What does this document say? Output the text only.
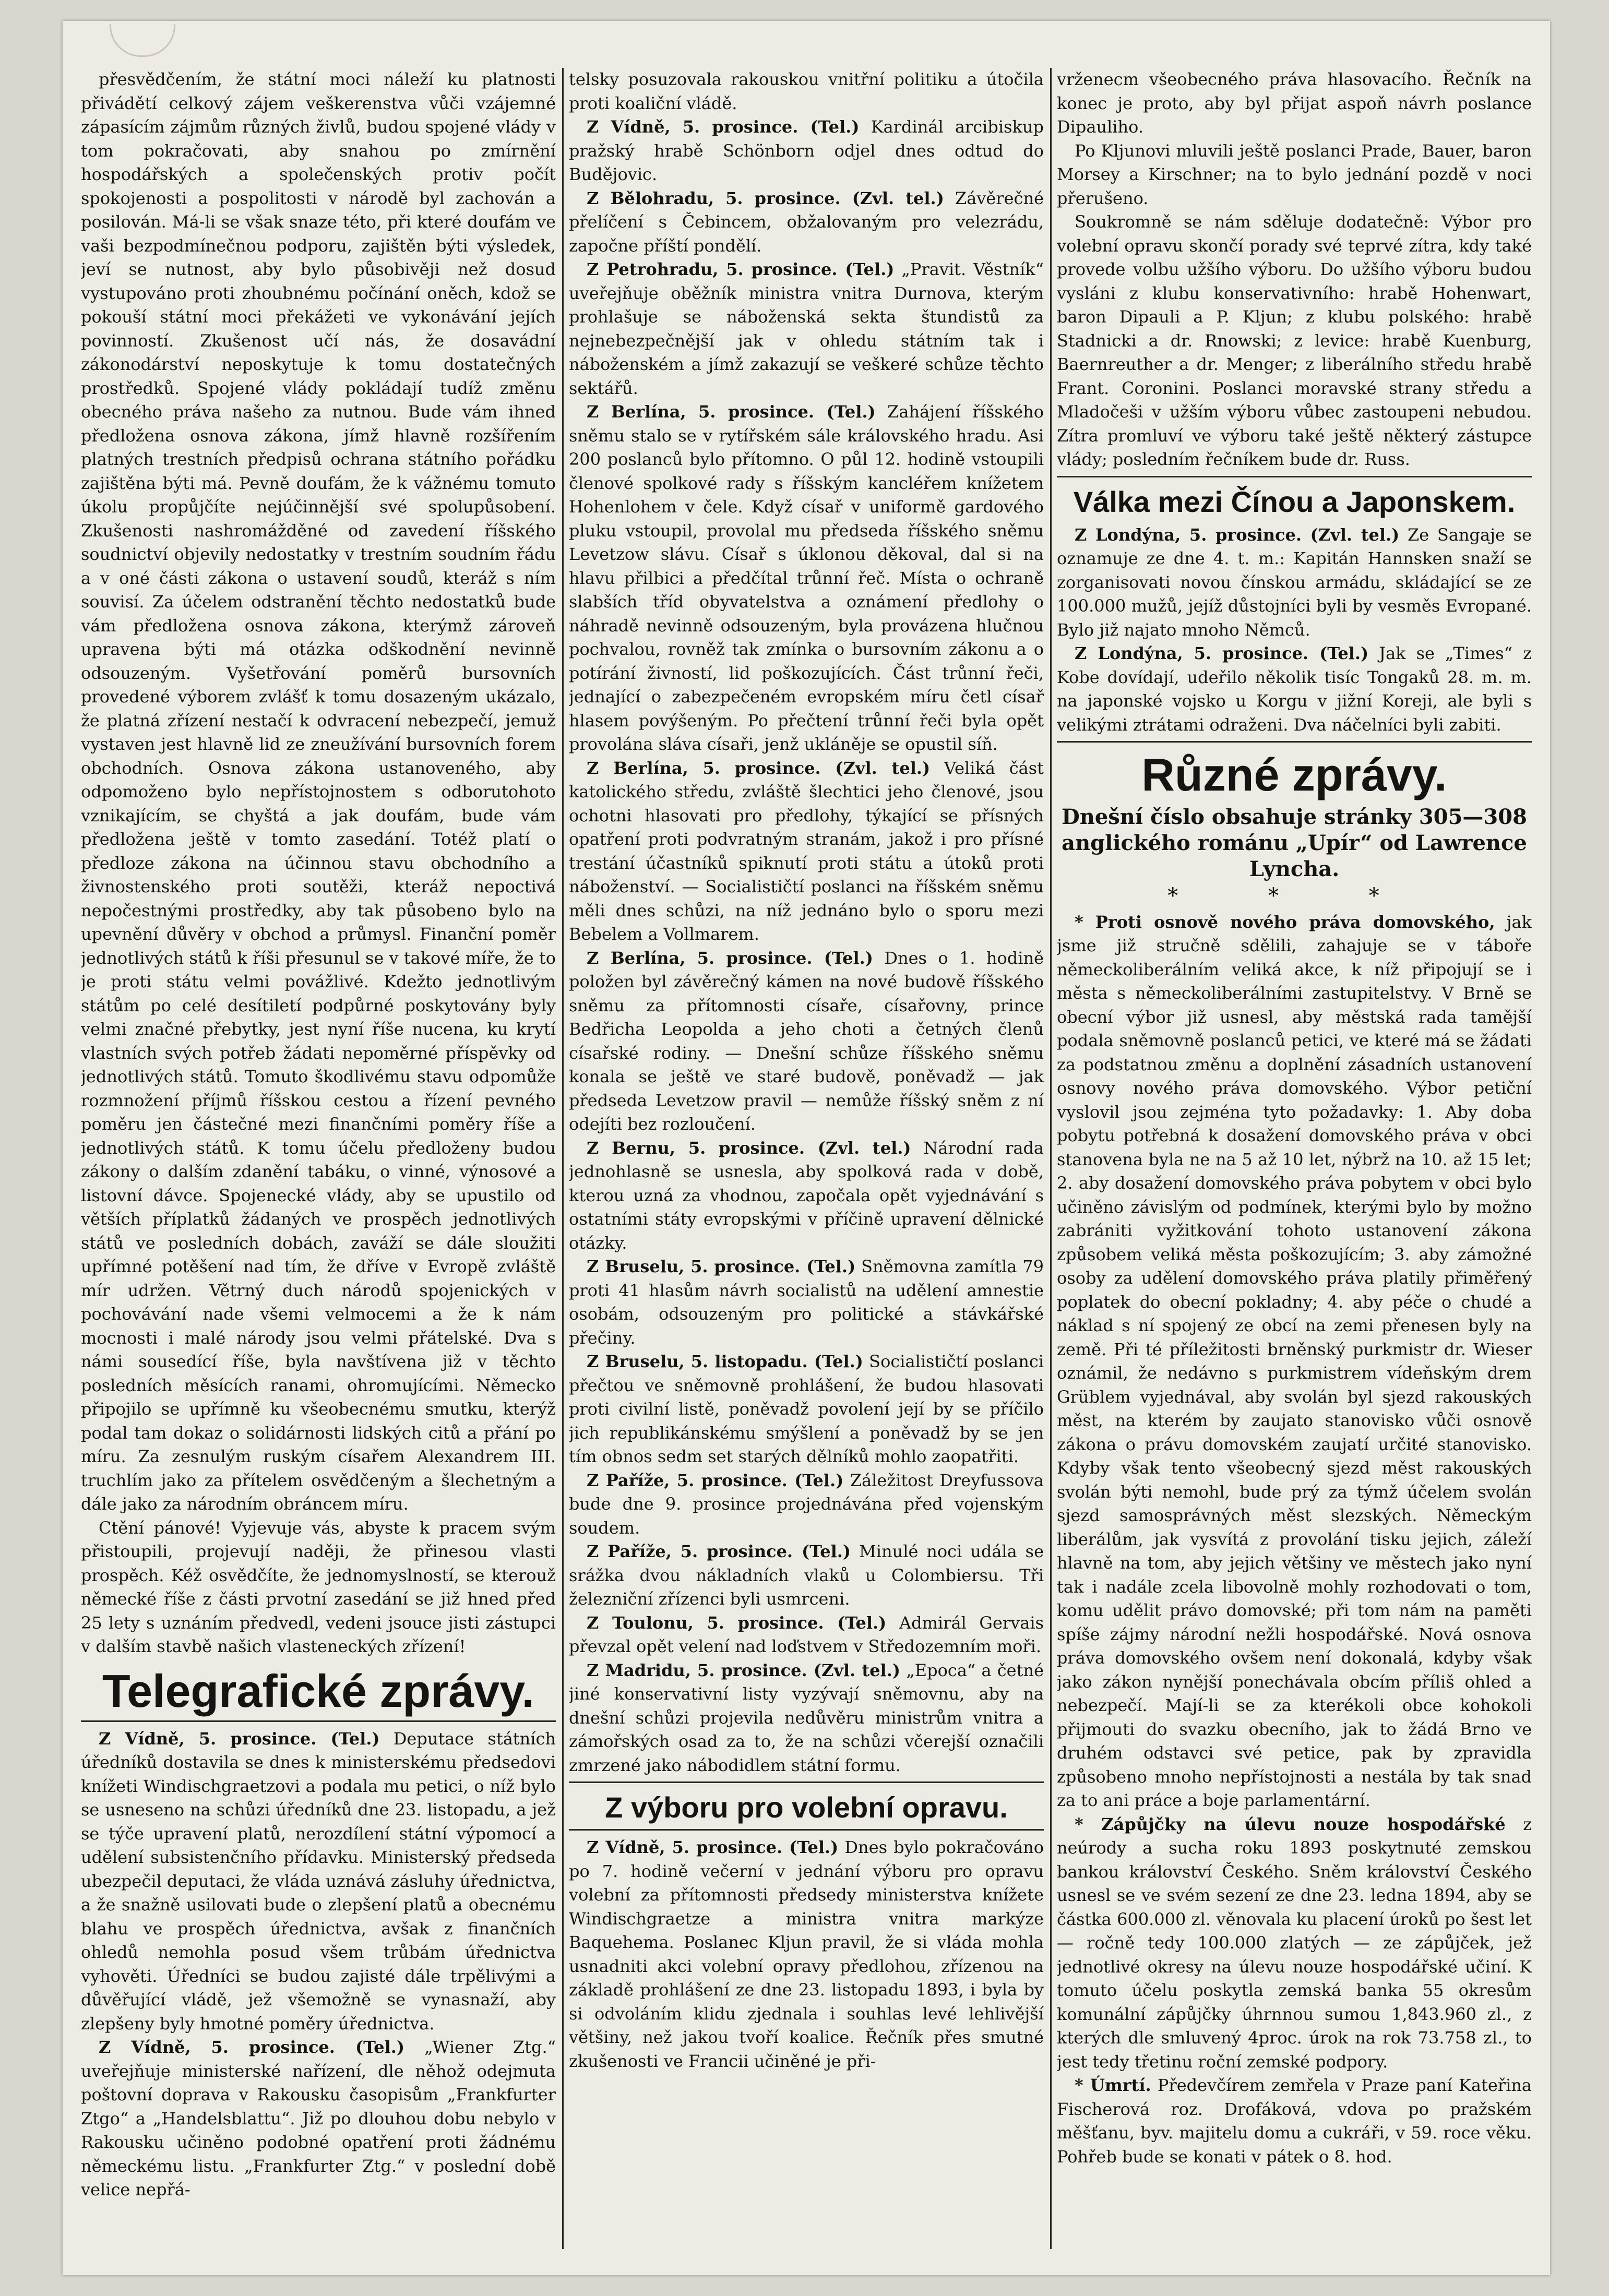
přesvědčením, že státní moci náleží ku platnosti přivádětí celkový zájem veškerenstva vůči vzájemné zápasícím zájmům různých živlů, budou spojené vlády v tom pokračovati, aby snahou po zmírnění hospodářských a společenských protiv počít spokojenosti a pospolitosti v národě byl zachován a posilován. Má-li se však snaze této, při které doufám ve vaši bezpodmínečnou podporu, zajištěn býti výsledek, jeví se nutnost, aby bylo působivěji než dosud vystupováno proti zhoubnému počínání oněch, kdož se pokouší státní moci překážeti ve vykonávání jejích povinností. Zkušenost učí nás, že dosavádní zákonodárství neposkytuje k tomu dostatečných prostředků. Spojené vlády pokládají tudíž změnu obecného práva našeho za nutnou. Bude vám ihned předložena osnova zákona, jímž hlavně rozšířením platných trestních předpisů ochrana státního pořádku zajištěna býti má. Pevně doufám, že k vážnému tomuto úkolu propůjčíte nejúčinnější své spolupůsobení. Zkušenosti nashromážděné od zavedení říšského soudnictví objevily nedostatky v trestním soudním řádu a v oné části zákona o ustavení soudů, kteráž s ním souvisí. Za účelem odstranění těchto nedostatků bude vám předložena osnova zákona, kterýmž zároveň upravena býti má otázka odškodnění nevinně odsouzeným. Vyšetřování poměrů bursovních provedené výborem zvlášť k tomu dosazeným ukázalo, že platná zřízení nestačí k odvracení nebezpečí, jemuž vystaven jest hlavně lid ze zneužívání bursovních forem obchodních. Osnova zákona ustanoveného, aby odpomoženo bylo nepřístojnostem s odborutohoto vznikajícím, se chyštá a jak doufám, bude vám předložena ještě v tomto zasedání. Totéž platí o předloze zákona na účinnou stavu obchodního a živnostenského proti soutěži, kteráž nepoctivá nepočestnými prostředky, aby tak působeno bylo na upevnění důvěry v obchod a průmysl. Finanční poměr jednotlivých států k říši přesunul se v takové míře, že to je proti státu velmi povážlivé. Kdežto jednotlivým státům po celé desítiletí podpůrné poskytovány byly velmi značné přebytky, jest nyní říše nucena, ku krytí vlastních svých potřeb žádati nepoměrné příspěvky od jednotlivých států. Tomuto škodlivému stavu odpomůže rozmnožení příjmů říšskou cestou a řízení pevného poměru jen částečné mezi finančními poměry říše a jednotlivých států. K tomu účelu předloženy budou zákony o dalším zdanění tabáku, o vinné, výnosové a listovní dávce. Spojenecké vlády, aby se upustilo od větších příplatků žádaných ve prospěch jednotlivých států ve posledních dobách, zaváží se dále sloužiti upřímné potěšení nad tím, že dříve v Evropě zvláště mír udržen. Větrný duch národů spojenických v pochovávání nade všemi velmocemi a že k nám mocnosti i malé národy jsou velmi přátelské. Dva s námi sousedící říše, byla navštívena již v těchto posledních měsících ranami, ohromujícími. Německo připojilo se upřímně ku všeobecnému smutku, kterýž podal tam dokaz o solidárnosti lidských citů a přání po míru. Za zesnulým ruským císařem Alexandrem III. truchlím jako za přítelem osvědčeným a šlechetným a dále jako za národním obráncem míru.

Ctění pánové! Vyjevuje vás, abyste k pracem svým přistoupili, projevují naději, že přinesou vlasti prospěch. Kéž osvědčíte, že jednomyslností, se kterouž německé říše z části prvotní zasedání se již hned před 25 lety s uznáním předvedl, vedeni jsouce jisti zástupci v dalším stavbě našich vlasteneckých zřízení!

Telegrafické zprávy.

Z Vídně, 5. prosince. (Tel.) Deputace státních úředníků dostavila se dnes k ministerskému předsedovi knížeti Windischgraetzovi a podala mu petici, o níž bylo se usneseno na schůzi úředníků dne 23. listopadu, a jež se týče upravení platů, nerozdílení státní výpomocí a udělení subsistenčního přídavku. Ministerský předseda ubezpečil deputaci, že vláda uznává zásluhy úřednictva, a že snažně usilovati bude o zlepšení platů a obecnému blahu ve prospěch úřednictva, avšak z finančních ohledů nemohla posud všem trůbám úřednictva vyhověti. Úředníci se budou zajisté dále trpělivými a důvěřující vládě, jež všemožně se vynasnaží, aby zlepšeny byly hmotné poměry úřednictva.

Z Vídně, 5. prosince. (Tel.) „Wiener Ztg.“ uveřejňuje ministerské nařízení, dle něhož odejmuta poštovní doprava v Rakousku časopisům „Frankfurter Ztgo“ a „Handelsblattu“. Již po dlouhou dobu nebylo v Rakousku učiněno podobné opatření proti žádnému německému listu. „Frankfurter Ztg.“ v poslední době velice nepřá-

telsky posuzovala rakouskou vnitřní politiku a útočila proti koaliční vládě.

Z Vídně, 5. prosince. (Tel.) Kardinál arcibiskup pražský hrabě Schönborn odjel dnes odtud do Budějovic.

Z Bělohradu, 5. prosince. (Zvl. tel.) Závěrečné přelíčení s Čebincem, obžalovaným pro velezrádu, započne příští pondělí.

Z Petrohradu, 5. prosince. (Tel.) „Pravit. Věstník“ uveřejňuje oběžník ministra vnitra Durnova, kterým prohlašuje se náboženská sekta štundistů za nejnebezpečnější jak v ohledu státním tak i náboženském a jímž zakazují se veškeré schůze těchto sektářů.

Z Berlína, 5. prosince. (Tel.) Zahájení říšského sněmu stalo se v rytířském sále královského hradu. Asi 200 poslanců bylo přítomno. O půl 12. hodině vstoupili členové spolkové rady s říšským kancléřem knížetem Hohenlohem v čele. Když císař v uniformě gardového pluku vstoupil, provolal mu předseda říšského sněmu Levetzow slávu. Císař s úklonou děkoval, dal si na hlavu přilbici a předčítal trůnní řeč. Místa o ochraně slabších tříd obyvatelstva a oznámení předlohy o náhradě nevinně odsouzeným, byla provázena hlučnou pochvalou, rovněž tak zmínka o bursovním zákonu a o potírání živností, lid poškozujících. Část trůnní řeči, jednající o zabezpečeném evropském míru četl císař hlasem povýšeným. Po přečtení trůnní řeči byla opět provolána sláva císaři, jenž ukláněje se opustil síň.

Z Berlína, 5. prosince. (Zvl. tel.) Veliká část katolického středu, zvláště šlechtici jeho členové, jsou ochotni hlasovati pro předlohy, týkající se přísných opatření proti podvratným stranám, jakož i pro přísné trestání účastníků spiknutí proti státu a útoků proti náboženství. — Socialističtí poslanci na říšském sněmu měli dnes schůzi, na níž jednáno bylo o sporu mezi Bebelem a Vollmarem.

Z Berlína, 5. prosince. (Tel.) Dnes o 1. hodině položen byl závěrečný kámen na nové budově říšského sněmu za přítomnosti císaře, císařovny, prince Bedřicha Leopolda a jeho choti a četných členů císařské rodiny. — Dnešní schůze říšského sněmu konala se ještě ve staré budově, poněvadž — jak předseda Levetzow pravil — nemůže říšský sněm z ní odejíti bez rozloučení.

Z Bernu, 5. prosince. (Zvl. tel.) Národní rada jednohlasně se usnesla, aby spolková rada v době, kterou uzná za vhodnou, započala opět vyjednávání s ostatními státy evropskými v příčině upravení dělnické otázky.

Z Bruselu, 5. prosince. (Tel.) Sněmovna zamítla 79 proti 41 hlasům návrh socialistů na udělení amnestie osobám, odsouzeným pro politické a stávkářské přečiny.

Z Bruselu, 5. listopadu. (Tel.) Socialističtí poslanci přečtou ve sněmovně prohlášení, že budou hlasovati proti civilní listě, poněvadž povolení její by se příčilo jich republikánskému smýšlení a poněvadž by se jen tím obnos sedm set starých dělníků mohlo zaopatřiti.

Z Paříže, 5. prosince. (Tel.) Záležitost Dreyfussova bude dne 9. prosince projednávána před vojenským soudem.

Z Paříže, 5. prosince. (Tel.) Minulé noci udála se srážka dvou nákladních vlaků u Colombiersu. Tři železniční zřízenci byli usmrceni.

Z Toulonu, 5. prosince. (Tel.) Admirál Gervais převzal opět velení nad loďstvem v Středozemním moři.

Z Madridu, 5. prosince. (Zvl. tel.) „Epoca“ a četné jiné konservativní listy vyzývají sněmovnu, aby na dnešní schůzi projevila nedůvěru ministrům vnitra a zámořských osad za to, že na schůzi včerejší označili zmrzené jako nábodidlem státní formu.

Z výboru pro volební opravu.

Z Vídně, 5. prosince. (Tel.) Dnes bylo pokračováno po 7. hodině večerní v jednání výboru pro opravu volební za přítomnosti předsedy ministerstva knížete Windischgraetze a ministra vnitra markýze Baquehema. Poslanec Kljun pravil, že si vláda mohla usnadniti akci volební opravy předlohou, zřízenou na základě prohlášení ze dne 23. listopadu 1893, i byla by si odvoláním klidu zjednala i souhlas levé lehlivější většiny, než jakou tvoří koalice. Řečník přes smutné zkušenosti ve Francii učiněné je při-

vrženecm všeobecného práva hlasovacího. Řečník na konec je proto, aby byl přijat aspoň návrh poslance Dipauliho.

Po Kljunovi mluvili ještě poslanci Prade, Bauer, baron Morsey a Kirschner; na to bylo jednání pozdě v noci přerušeno.

Soukromně se nám sděluje dodatečně: Výbor pro volební opravu skončí porady své teprvé zítra, kdy také provede volbu užšího výboru. Do užšího výboru budou vysláni z klubu konservativního: hrabě Hohenwart, baron Dipauli a P. Kljun; z klubu polského: hrabě Stadnicki a dr. Rnowski; z levice: hrabě Kuenburg, Baernreuther a dr. Menger; z liberálního středu hrabě Frant. Coronini. Poslanci moravské strany středu a Mladočeši v užším výboru vůbec zastoupeni nebudou. Zítra promluví ve výboru také ještě některý zástupce vlády; posledním řečníkem bude dr. Russ.

Válka mezi Čínou a Japonskem.

Z Londýna, 5. prosince. (Zvl. tel.) Ze Sangaje se oznamuje ze dne 4. t. m.: Kapitán Hannsken snaží se zorganisovati novou čínskou armádu, skládající se ze 100.000 mužů, jejíž důstojníci byli by vesměs Evropané. Bylo již najato mnoho Němců.

Z Londýna, 5. prosince. (Tel.) Jak se „Times“ z Kobe dovídají, udeřilo několik tisíc Tongaků 28. m. m. na japonské vojsko u Korgu v jižní Koreji, ale byli s velikými ztrátami odraženi. Dva náčelníci byli zabiti.

Různé zprávy.

Dnešní číslo obsahuje stránky 305—308 anglického románu „Upír“ od Lawrence Lyncha.

* * *

* Proti osnově nového práva domovského, jak jsme již stručně sdělili, zahajuje se v táboře německoliberálním veliká akce, k níž připojují se i města s německoliberálními zastupitelstvy. V Brně se obecní výbor již usnesl, aby městská rada tamější podala sněmovně poslanců petici, ve které má se žádati za podstatnou změnu a doplnění zásadních ustanovení osnovy nového práva domovského. Výbor petiční vyslovil jsou zejména tyto požadavky: 1. Aby doba pobytu potřebná k dosažení domovského práva v obci stanovena byla ne na 5 až 10 let, nýbrž na 10. až 15 let; 2. aby dosažení domovského práva pobytem v obci bylo učiněno závislým od podmínek, kterými bylo by možno zabrániti vyžitkování tohoto ustanovení zákona způsobem veliká města poškozujícím; 3. aby zámožné osoby za udělení domovského práva platily přiměřený poplatek do obecní pokladny; 4. aby péče o chudé a náklad s ní spojený ze obcí na zemi přenesen byly na země. Při té příležitosti brněnský purkmistr dr. Wieser oznámil, že nedávno s purkmistrem vídeňským drem Grüblem vyjednával, aby svolán byl sjezd rakouských měst, na kterém by zaujato stanovisko vůči osnově zákona o právu domovském zaujatí určité stanovisko. Kdyby však tento všeobecný sjezd měst rakouských svolán býti nemohl, bude prý za týmž účelem svolán sjezd samosprávných měst slezských. Německým liberálům, jak vysvítá z provolání tisku jejich, záleží hlavně na tom, aby jejich většiny ve městech jako nyní tak i nadále zcela libovolně mohly rozhodovati o tom, komu udělit právo domovské; při tom nám na paměti spíše zájmy národní nežli hospodářské. Nová osnova práva domovského ovšem není dokonalá, kdyby však jako zákon nynější ponechávala obcím příliš ohled a nebezpečí. Mají-li se za kterékoli obce kohokoli přijmouti do svazku obecního, jak to žádá Brno ve druhém odstavci své petice, pak by zpravidla způsobeno mnoho nepřístojnosti a nestála by tak snad za to ani práce a boje parlamentární.

* Zápůjčky na úlevu nouze hospodářské z neúrody a sucha roku 1893 poskytnuté zemskou bankou království Českého. Sněm království Českého usnesl se ve svém sezení ze dne 23. ledna 1894, aby se částka 600.000 zl. věnovala ku placení úroků po šest let — ročně tedy 100.000 zlatých — ze zápůjček, jež jednotlivé okresy na úlevu nouze hospodářské učiní. K tomuto účelu poskytla zemská banka 55 okresům komunální zápůjčky úhrnnou sumou 1,843.960 zl., z kterých dle smluvený 4proc. úrok na rok 73.758 zl., to jest tedy třetinu roční zemské podpory.

* Úmrtí. Předevčírem zemřela v Praze paní Kateřina Fischerová roz. Drofáková, vdova po pražském měšťanu, byv. majitelu domu a cukráři, v 59. roce věku. Pohřeb bude se konati v pátek o 8. hod.
